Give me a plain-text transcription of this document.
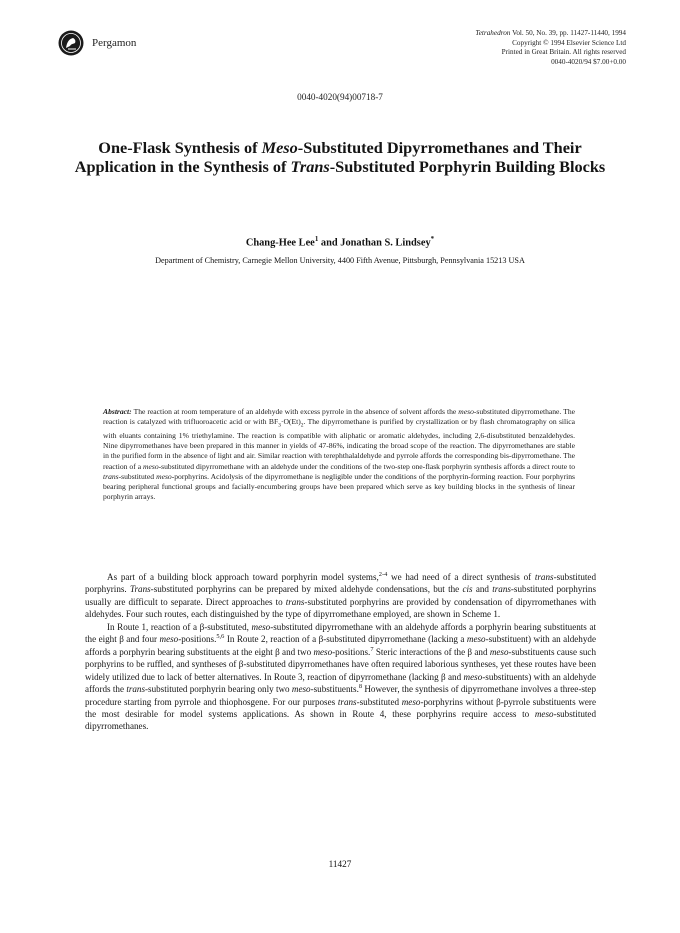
Pergamon
Tetrahedron Vol. 50, No. 39, pp. 11427-11440, 1994
Copyright © 1994 Elsevier Science Ltd
Printed in Great Britain. All rights reserved
0040-4020/94 $7.00+0.00
0040-4020(94)00718-7
One-Flask Synthesis of Meso-Substituted Dipyrromethanes and Their Application in the Synthesis of Trans-Substituted Porphyrin Building Blocks
Chang-Hee Lee$^1$ and Jonathan S. Lindsey*
Department of Chemistry, Carnegie Mellon University, 4400 Fifth Avenue, Pittsburgh, Pennsylvania 15213 USA
Abstract: The reaction at room temperature of an aldehyde with excess pyrrole in the absence of solvent affords the meso-substituted dipyrromethane. The reaction is catalyzed with trifluoroacetic acid or with $BF_3\cdot O(Et)_2$. The dipyrromethane is purified by crystallization or by flash chromatography on silica with eluants containing 1% triethylamine. The reaction is compatible with aliphatic or aromatic aldehydes, including 2,6-disubstituted benzaldehydes. Nine dipyrromethanes have been prepared in this manner in yields of 47-86%, indicating the broad scope of the reaction. The dipyrromethanes are stable in the purified form in the absence of light and air. Similar reaction with terephthalaldehyde and pyrrole affords the corresponding bis-dipyrromethane. The reaction of a meso-substituted dipyrromethane with an aldehyde under the conditions of the two-step one-flask porphyrin synthesis affords a direct route to trans-substituted meso-porphyrins. Acidolysis of the dipyrromethane is negligible under the conditions of the porphyrin-forming reaction. Four porphyrins bearing peripheral functional groups and facially-encumbering groups have been prepared which serve as key building blocks in the synthesis of linear porphyrin arrays.

As part of a building block approach toward porphyrin model systems,$^{2-4}$ we had need of a direct synthesis of trans-substituted porphyrins. Trans-substituted porphyrins can be prepared by mixed aldehyde condensations, but the cis and trans-substituted porphyrins usually are difficult to separate. Direct approaches to trans-substituted porphyrins are provided by condensation of dipyrromethanes with aldehydes. Four such routes, each distinguished by the type of dipyrromethane employed, are shown in Scheme 1.

In Route 1, reaction of a β-substituted, meso-substituted dipyrromethane with an aldehyde affords a porphyrin bearing substituents at the eight β and four meso-positions.$^{5,6}$ In Route 2, reaction of a β-substituted dipyrromethane (lacking a meso-substituent) with an aldehyde affords a porphyrin bearing substituents at the eight β and two meso-positions.$^7$ Steric interactions of the β and meso-substituents cause such porphyrins to be ruffled, and syntheses of β-substituted dipyrromethanes have often required laborious syntheses, yet these routes have been widely utilized due to lack of better alternatives. In Route 3, reaction of dipyrromethane (lacking β and meso-substituents) with an aldehyde affords the trans-substituted porphyrin bearing only two meso-substituents.$^8$ However, the synthesis of dipyrromethane involves a three-step procedure starting from pyrrole and thiophosgene. For our purposes trans-substituted meso-porphyrins without β-pyrrole substituents were the most desirable for model systems applications. As shown in Route 4, these porphyrins require access to meso-substituted dipyrromethanes.

11427
